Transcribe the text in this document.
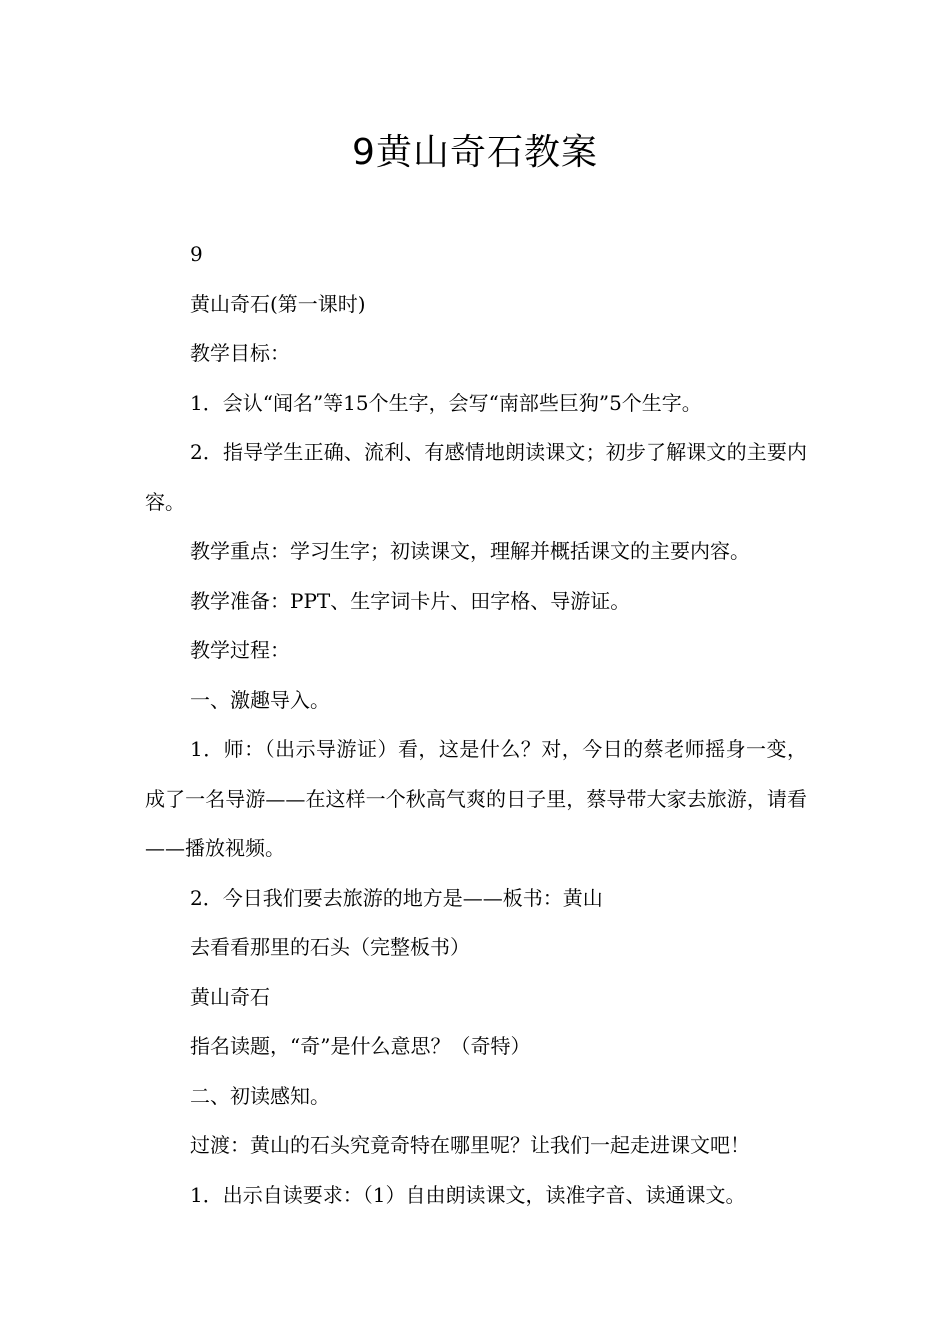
9黄山奇石教案

9

黄山奇石(第一课时)

教学目标：

1．会认“闻名”等15个生字，会写“南部些巨狗”5个生字。

2．指导学生正确、流利、有感情地朗读课文；初步了解课文的主要内容。

教学重点：学习生字；初读课文，理解并概括课文的主要内容。

教学准备：PPT、生字词卡片、田字格、导游证。

教学过程：

一、激趣导入。

1．师：（出示导游证）看，这是什么？对，今日的蔡老师摇身一变，成了一名导游——在这样一个秋高气爽的日子里，蔡导带大家去旅游，请看——播放视频。

2．今日我们要去旅游的地方是——板书：黄山

去看看那里的石头（完整板书）

黄山奇石

指名读题，“奇”是什么意思？（奇特）

二、初读感知。

过渡：黄山的石头究竟奇特在哪里呢？让我们一起走进课文吧！

1．出示自读要求：（1）自由朗读课文，读准字音、读通课文。
